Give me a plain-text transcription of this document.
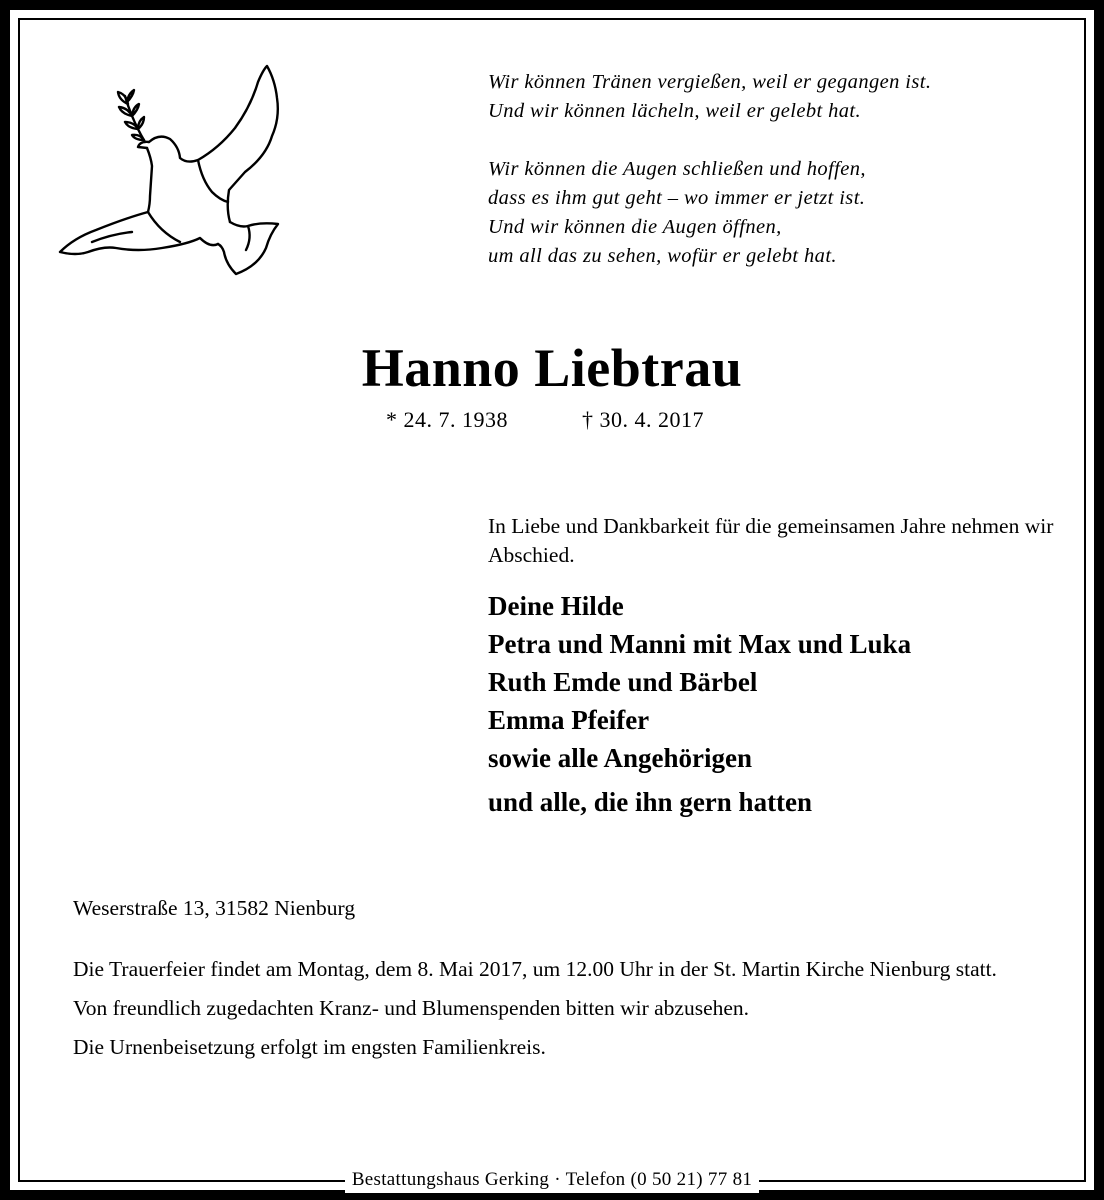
Wir können Tränen vergießen, weil er gegangen ist.

Und wir können lächeln, weil er gelebt hat.

Wir können die Augen schließen und hoffen,

dass es ihm gut geht – wo immer er jetzt ist.

Und wir können die Augen öffnen,

um all das zu sehen, wofür er gelebt hat.

Hanno Liebtrau
* 24. 7. 1938	† 30. 4. 2017

In Liebe und Dankbarkeit für die gemeinsamen Jahre nehmen wir Abschied.

Deine Hilde
Petra und Manni mit Max und Luka
Ruth Emde und Bärbel
Emma Pfeifer
sowie alle Angehörigen
und alle, die ihn gern hatten

Weserstraße 13, 31582 Nienburg

Die Trauerfeier findet am Montag, dem 8. Mai 2017, um 12.00 Uhr in der St. Martin Kirche Nienburg statt.

Von freundlich zugedachten Kranz- und Blumenspenden bitten wir abzusehen.

Die Urnenbeisetzung erfolgt im engsten Familienkreis.

Bestattungshaus Gerking · Telefon (0 50 21) 77 81
